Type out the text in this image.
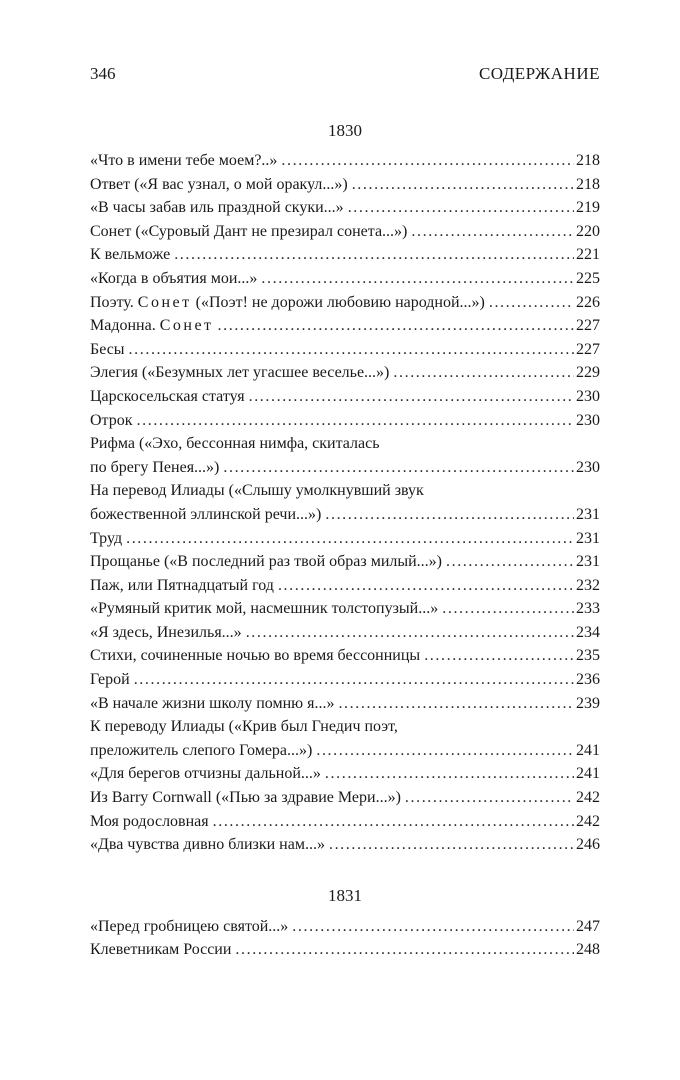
346	СОДЕРЖАНИЕ
1830
«Что в имени тебе моем?..» . . .	218
Ответ («Я вас узнал, о мой оракул...») . . .	218
«В часы забав иль праздной скуки...» . . .	219
Сонет («Суровый Дант не презирал сонета...») . . .	220
К вельможе . . .	221
«Когда в объятия мои...» . . .	225
Поэту. Сонет («Поэт! не дорожи любовию народной...») . . .	226
Мадонна. Сонет . . .	227
Бесы . . .	227
Элегия («Безумных лет угасшее веселье...») . . .	229
Царскосельская статуя . . .	230
Отрок . . .	230
Рифма («Эхо, бессонная нимфа, скиталась
по брегу Пенея...») . . .	230
На перевод Илиады («Слышу умолкнувший звук
божественной эллинской речи...») . . .	231
Труд . . .	231
Прощанье («В последний раз твой образ милый...») . . .	231
Паж, или Пятнадцатый год . . .	232
«Румяный критик мой, насмешник толстопузый...» . . .	233
«Я здесь, Инезилья...» . . .	234
Стихи, сочиненные ночью во время бессонницы . . .	235
Герой . . .	236
«В начале жизни школу помню я...» . . .	239
К переводу Илиады («Крив был Гнедич поэт,
преложитель слепого Гомера...») . . .	241
«Для берегов отчизны дальной...» . . .	241
Из Barry Cornwall («Пью за здравие Мери...») . . .	242
Моя родословная . . .	242
«Два чувства дивно близки нам...» . . .	246
1831
«Перед гробницею святой...» . . .	247
Клеветникам России . . .	248
